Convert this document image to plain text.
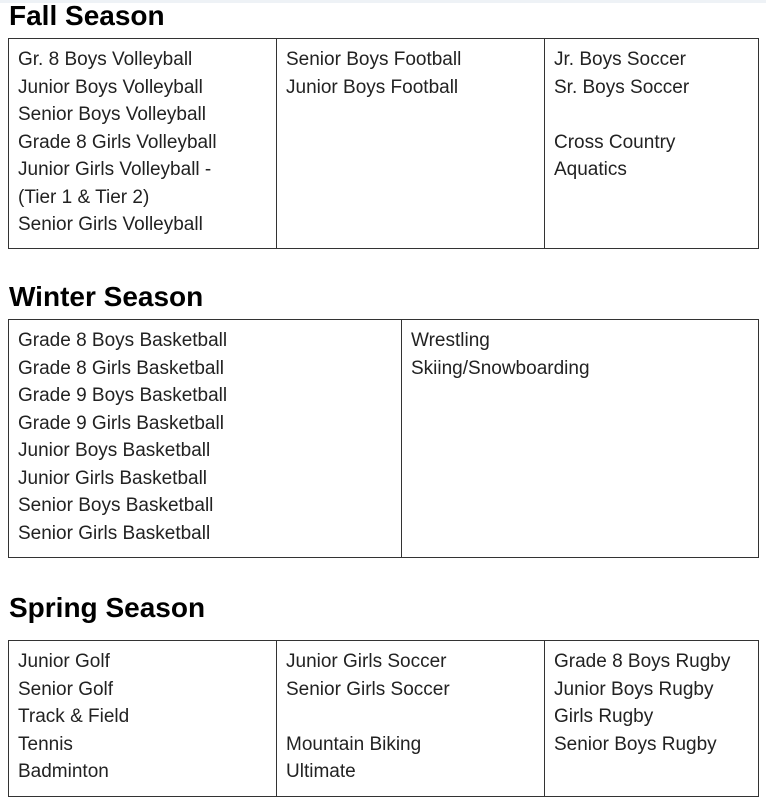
Fall Season
Gr. 8 Boys Volleyball
Junior Boys Volleyball
Senior Boys Volleyball
Grade 8 Girls Volleyball
Junior Girls Volleyball -
(Tier 1 & Tier 2)
Senior Girls Volleyball

Senior Boys Football
Junior Boys Football

Jr. Boys Soccer
Sr. Boys Soccer
Cross Country
Aquatics
Winter Season
Grade 8 Boys Basketball
Grade 8 Girls Basketball
Grade 9 Boys Basketball
Grade 9 Girls Basketball
Junior Boys Basketball
Junior Girls Basketball
Senior Boys Basketball
Senior Girls Basketball

Wrestling
Skiing/Snowboarding
Spring Season
Junior Golf
Senior Golf
Track & Field
Tennis
Badminton

Junior Girls Soccer
Senior Girls Soccer
Mountain Biking
Ultimate

Grade 8 Boys Rugby
Junior Boys Rugby
Girls Rugby
Senior Boys Rugby
